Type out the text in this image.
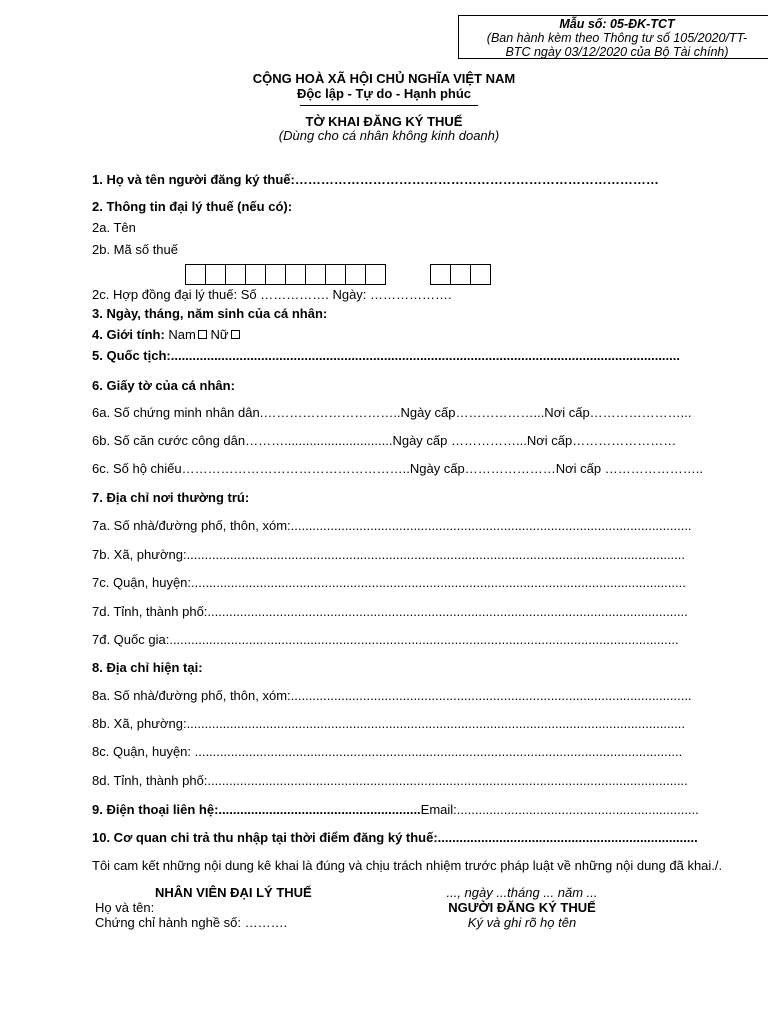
Mẫu số: 05-ĐK-TCT
(Ban hành kèm theo Thông tư số 105/2020/TT-
BTC ngày 03/12/2020 của Bộ Tài chính)
CỘNG HOÀ XÃ HỘI CHỦ NGHĨA VIỆT NAM
Độc lập - Tự do - Hạnh phúc
TỜ KHAI ĐĂNG KÝ THUẾ
(Dùng cho cá nhân không kinh doanh)
1. Họ và tên người đăng ký thuế:…………………………………………………………………………
2. Thông tin đại lý thuế (nếu có):
2a. Tên
2b. Mã số thuế
2c. Hợp đồng đại lý thuế: Số ……………. Ngày: ……………….
3. Ngày, tháng, năm sinh của cá nhân:
4. Giới tính: Nam Nữ
5. Quốc tịch:.............................................................................................................................................
6. Giấy tờ của cá nhân:
6a. Số chứng minh nhân dân.…………………………..Ngày cấp………………...Nơi cấp…………………...
6b. Số căn cước công dân………..............................Ngày cấp ……………...Nơi cấp……………………
6c. Số hộ chiếu……………………………………………..Ngày cấp…………………Nơi cấp …………………..
7. Địa chỉ nơi thường trú:
7a. Số nhà/đường phố, thôn, xóm:...............................................................................................................
7b. Xã, phường:..........................................................................................................................................
7c. Quận, huyện:.........................................................................................................................................
7d. Tỉnh, thành phố:.....................................................................................................................................
7đ. Quốc gia:.............................................................................................................................................
8. Địa chỉ hiện tại:
8a. Số nhà/đường phố, thôn, xóm:...............................................................................................................
8b. Xã, phường:..........................................................................................................................................
8c. Quận, huyện: .......................................................................................................................................
8d. Tỉnh, thành phố:.....................................................................................................................................
9. Điện thoại liên hệ:........................................................Email:...................................................................
10. Cơ quan chi trả thu nhập tại thời điểm đăng ký thuế:........................................................................
Tôi cam kết những nội dung kê khai là đúng và chịu trách nhiệm trước pháp luật về những nội dung đã khai./.
NHÂN VIÊN ĐẠI LÝ THUẾ
Họ và tên:
Chứng chỉ hành nghề số: ……….
..., ngày ...tháng ... năm ...
NGƯỜI ĐĂNG KÝ THUẾ
Ký và ghi rõ họ tên
